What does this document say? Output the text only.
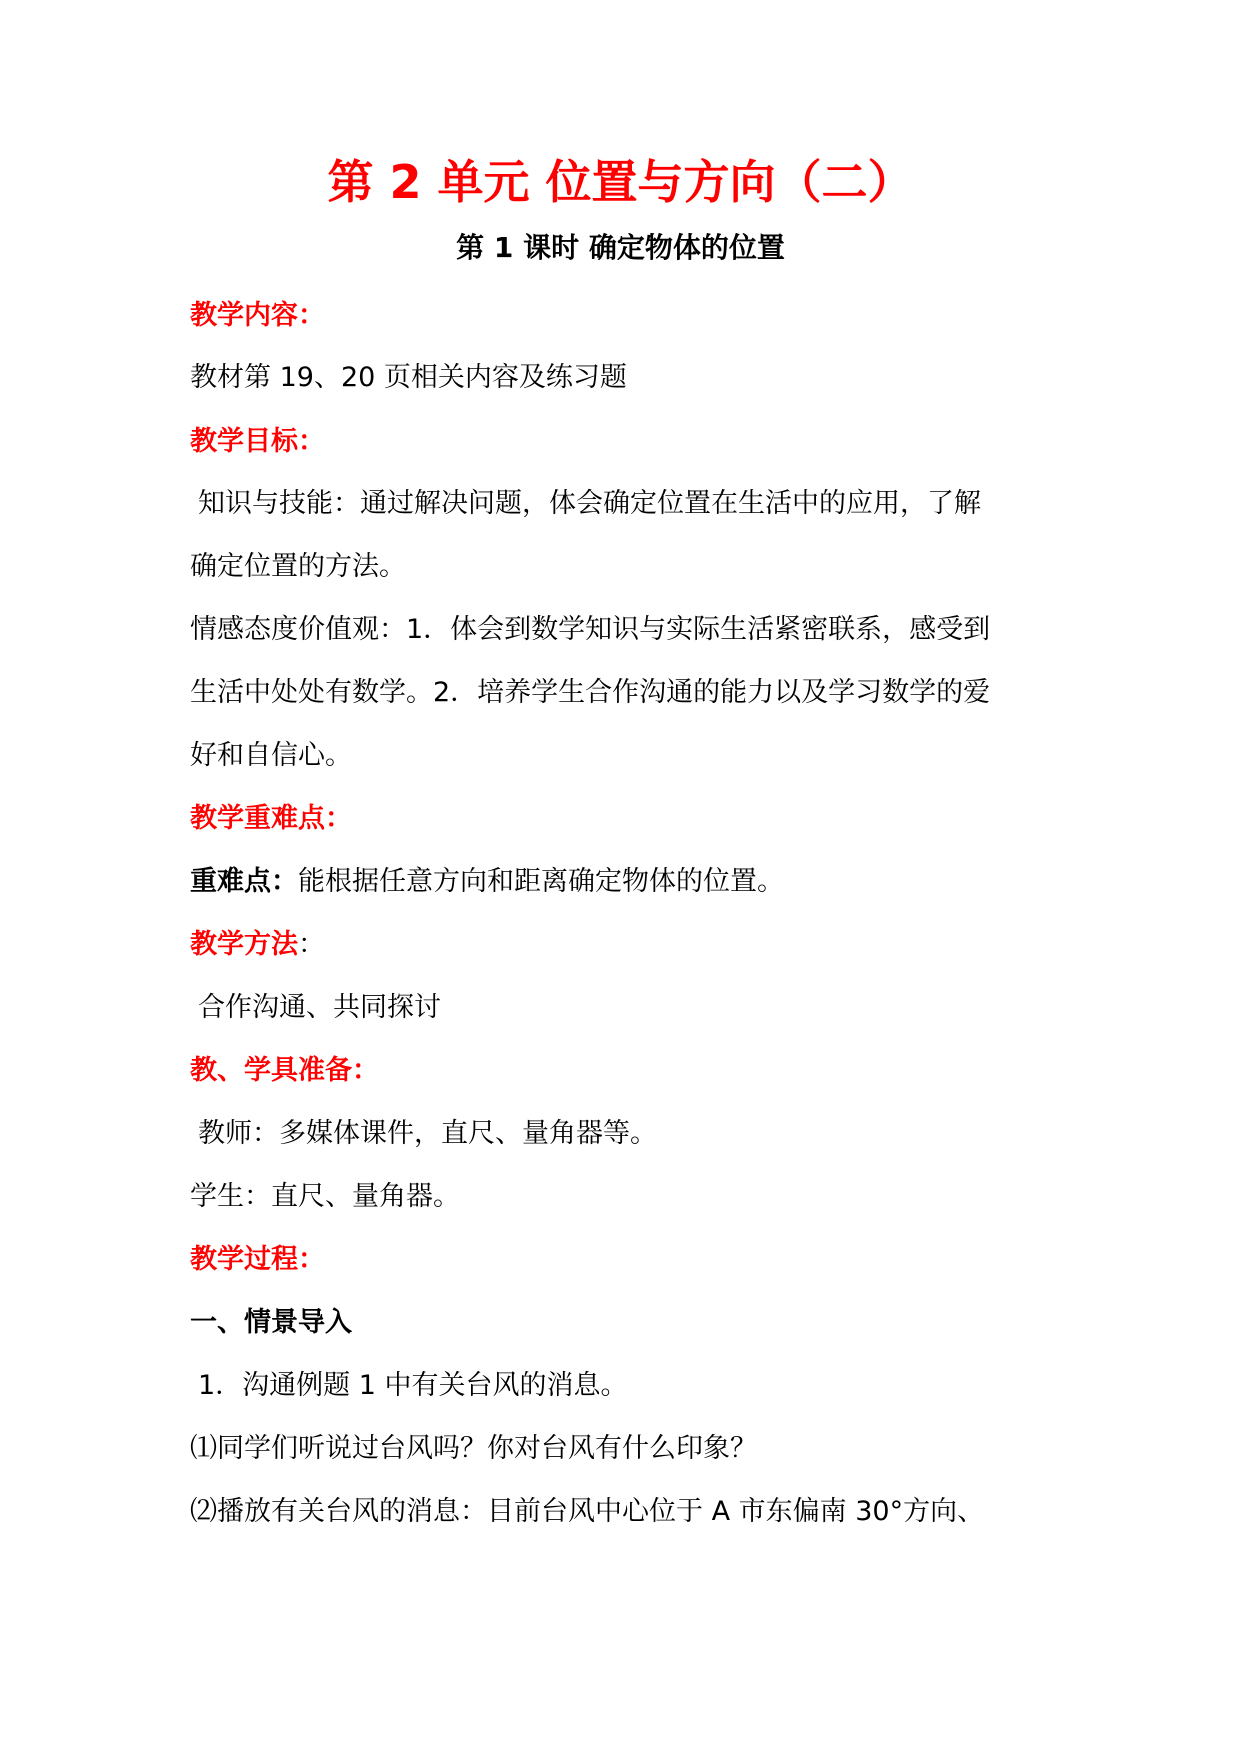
第 2 单元 位置与方向（二）
第 1 课时 确定物体的位置
教学内容：
教材第 19、20 页相关内容及练习题
教学目标：
知识与技能：通过解决问题，体会确定位置在生活中的应用，了解
确定位置的方法。
情感态度价值观：1．体会到数学知识与实际生活紧密联系，感受到
生活中处处有数学。2．培养学生合作沟通的能力以及学习数学的爱
好和自信心。
教学重难点：
重难点：能根据任意方向和距离确定物体的位置。
教学方法：
合作沟通、共同探讨
教、学具准备：
教师：多媒体课件，直尺、量角器等。
学生：直尺、量角器。
教学过程：
一、情景导入
1．沟通例题 1 中有关台风的消息。
⑴同学们听说过台风吗？你对台风有什么印象？
⑵播放有关台风的消息：目前台风中心位于 A 市东偏南 30°方向、
